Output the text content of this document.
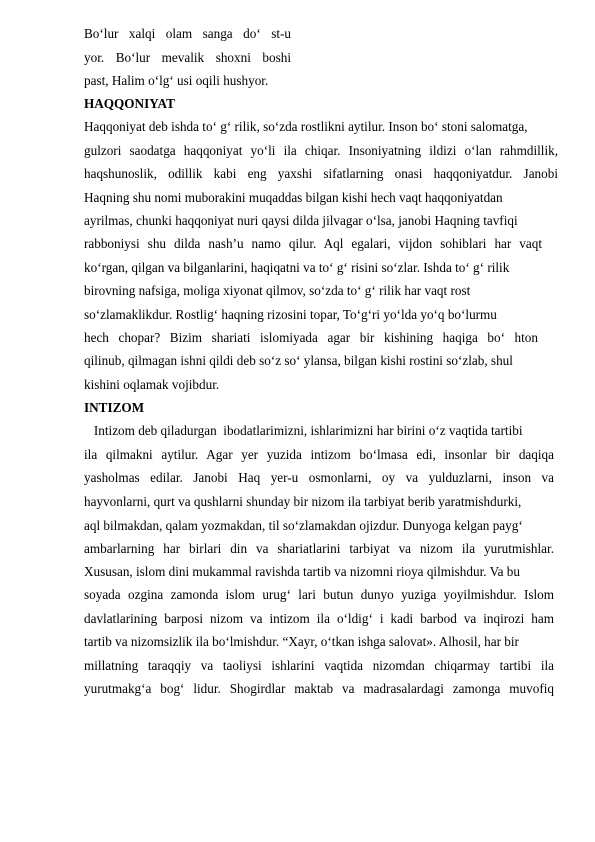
Bo‘lur xalqi olam sanga do‘ st-u
yor. Bo‘lur mevalik shoxni boshi
past, Halim o‘lg‘ usi oqili hushyor.
HAQQONIYAT
Haqqoniyat deb ishda to‘ g‘ rilik, so‘zda rostlikni aytilur. Inson bo‘ stoni salomatga,
gulzori saodatga haqqoniyat yo‘li ila chiqar. Insoniyatning ildizi o‘lan rahmdillik,
haqshunoslik, odillik kabi eng yaxshi sifatlarning onasi haqqoniyatdur. Janobi
Haqning shu nomi muborakini muqaddas bilgan kishi hech vaqt haqqoniyatdan
ayrilmas, chunki haqqoniyat nuri qaysi dilda jilvagar o‘lsa, janobi Haqning tavfiqi
rabboniysi shu dilda nash’u namo qilur. Aql egalari, vijdon sohiblari har vaqt
ko‘rgan, qilgan va bilganlarini, haqiqatni va to‘ g‘ risini so‘zlar. Ishda to‘ g‘ rilik
birovning nafsiga, moliga xiyonat qilmov, so‘zda to‘ g‘ rilik har vaqt rost
so‘zlamaklikdur. Rostlig‘ haqning rizosini topar, To‘g‘ri yo‘lda yo‘q bo‘lurmu
hech chopar? Bizim shariati islomiyada agar bir kishining haqiga bo‘ hton
qilinub, qilmagan ishni qildi deb so‘z so‘ ylansa, bilgan kishi rostini so‘zlab, shul
kishini oqlamak vojibdur.
INTIZOM
Intizom deb qiladurgan  ibodatlarimizni, ishlarimizni har birini o‘z vaqtida tartibi
ila qilmakni aytilur. Agar yer yuzida intizom bo‘lmasa edi, insonlar bir daqiqa
yasholmas edilar. Janobi Haq yer-u osmonlarni, oy va yulduzlarni, inson va
hayvonlarni, qurt va qushlarni shunday bir nizom ila tarbiyat berib yaratmishdurki,
aql bilmakdan, qalam yozmakdan, til so‘zlamakdan ojizdur. Dunyoga kelgan payg‘
ambarlarning har birlari din va shariatlarini tarbiyat va nizom ila yurutmishlar.
Xususan, islom dini mukammal ravishda tartib va nizomni rioya qilmishdur. Va bu
soyada ozgina zamonda islom urug‘ lari butun dunyo yuziga yoyilmishdur. Islom
davlatlarining barposi nizom va intizom ila o‘ldig‘ i kadi barbod va inqirozi ham
tartib va nizomsizlik ila bo‘lmishdur. “Xayr, o‘tkan ishga salovat». Alhosil, har bir
millatning taraqqiy va taoliysi ishlarini vaqtida nizomdan chiqarmay tartibi ila
yurutmakg‘a bog‘ lidur. Shogirdlar maktab va madrasalardagi zamonga muvofiq
